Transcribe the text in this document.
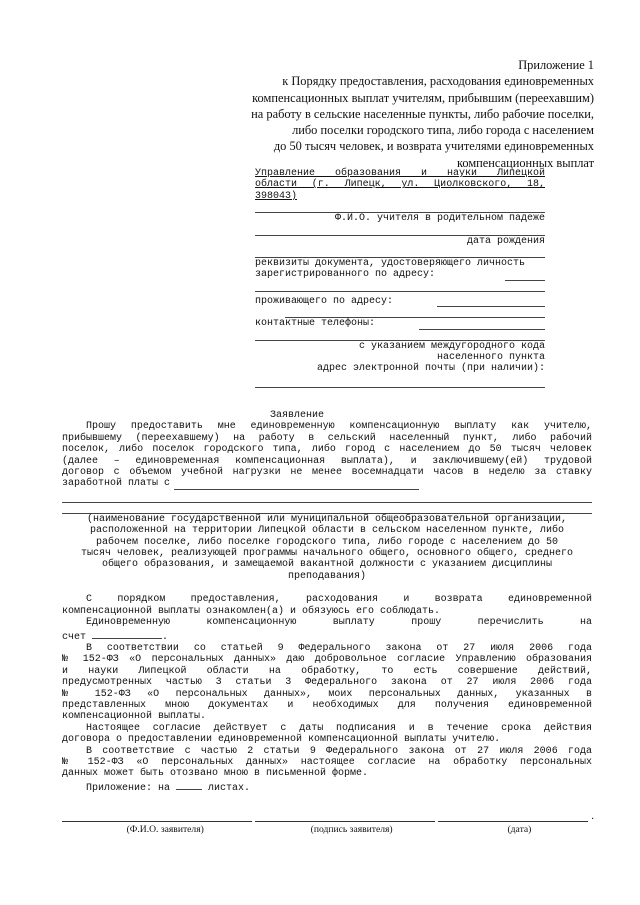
Приложение 1
к Порядку предоставления, расходования единовременных
компенсационных выплат учителям, прибывшим (переехавшим)
на работу в сельские населенные пункты, либо рабочие поселки,
либо поселки городского типа, либо города с населением
до 50 тысяч человек, и возврата учителями единовременных
компенсационных выплат
Управление образования и науки Липецкой
области (г. Липецк, ул. Циолковского, 18,
398043)
Ф.И.О. учителя в родительном падеже
дата рождения
реквизиты документа, удостоверяющего личность
зарегистрированного по адресу:
проживающего по адресу:
контактные телефоны:
с указанием междугородного кода
населенного пункта
адрес электронной почты (при наличии):
Заявление

Прошу предоставить мне единовременную компенсационную выплату как учителю,

прибывшему (переехавшему) на работу в сельский населенный пункт, либо рабочий

поселок, либо поселок городского типа, либо город с населением до 50 тысяч человек

(далее – единовременная компенсационная выплата), и заключившему(ей) трудовой

договор с объемом учебной нагрузки не менее восемнадцати часов в неделю за ставку

заработной платы с
(наименование государственной или муниципальной общеобразовательной организации,
расположенной на территории Липецкой области в сельском населенном пункте, либо
рабочем поселке, либо поселке городского типа, либо городе с населением до 50
тысяч человек, реализующей программы начального общего, основного общего, среднего
общего образования, и замещаемой вакантной должности с указанием дисциплины
преподавания)

С порядком предоставления, расходования и возврата единовременной

компенсационной выплаты ознакомлен(а) и обязуюсь его соблюдать.

Единовременную компенсационную выплату прошу перечислить на

счет	.

В соответствии со статьей 9 Федерального закона от 27 июля 2006 года

№ 152-ФЗ «О персональных данных» даю добровольное согласие Управлению образования

и науки Липецкой области на обработку, то есть совершение действий,

предусмотренных частью 3 статьи 3 Федерального закона от 27 июля 2006 года

№ 152-ФЗ «О персональных данных», моих персональных данных, указанных в

представленных мною документах и необходимых для получения единовременной

компенсационной выплаты.

Настоящее согласие действует с даты подписания и в течение срока действия

договора о предоставлении единовременной компенсационной выплаты учителю.

В соответствие с частью 2 статьи 9 Федерального закона от 27 июля 2006 года

№ 152-ФЗ «О персональных данных» настоящее согласие на обработку персональных

данных может быть отозвано мною в письменной форме.

Приложение: на	листах.
.
(Ф.И.О. заявителя)	(подпись заявителя)	(дата)
